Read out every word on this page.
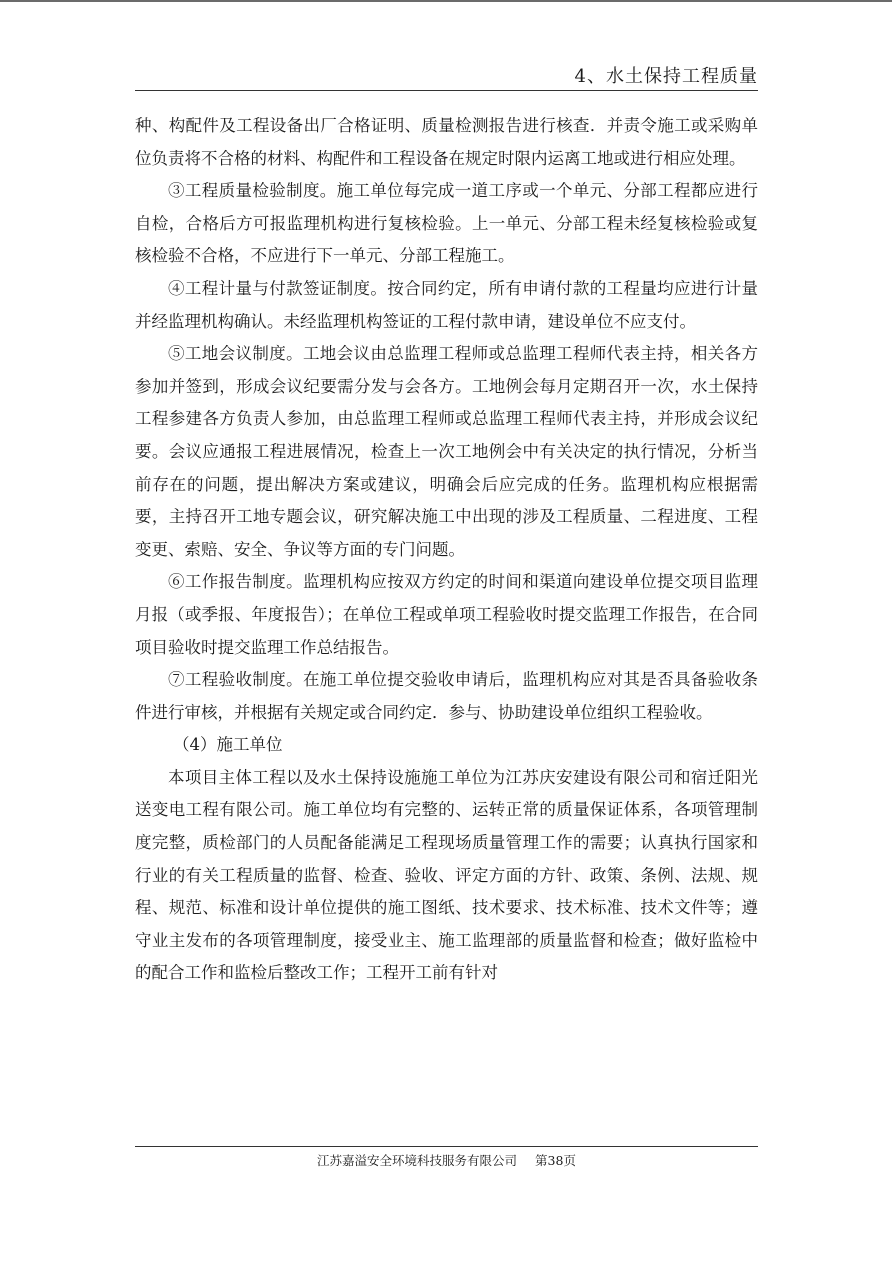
4、水土保持工程质量

种、构配件及工程设备出厂合格证明、质量检测报告进行核查．并责令施工或采购单位负责将不合格的材料、构配件和工程设备在规定时限内运离工地或进行相应处理。

③工程质量检验制度。施工单位每完成一道工序或一个单元、分部工程都应进行自检，合格后方可报监理机构进行复核检验。上一单元、分部工程未经复核检验或复核检验不合格，不应进行下一单元、分部工程施工。

④工程计量与付款签证制度。按合同约定，所有申请付款的工程量均应进行计量并经监理机构确认。未经监理机构签证的工程付款申请，建设单位不应支付。

⑤工地会议制度。工地会议由总监理工程师或总监理工程师代表主持，相关各方参加并签到，形成会议纪要需分发与会各方。工地例会每月定期召开一次，水土保持工程参建各方负责人参加，由总监理工程师或总监理工程师代表主持，并形成会议纪要。会议应通报工程进展情况，检查上一次工地例会中有关决定的执行情况，分析当前存在的问题，提出解决方案或建议，明确会后应完成的任务。监理机构应根据需要，主持召开工地专题会议，研究解决施工中出现的涉及工程质量、二程进度、工程变更、索赔、安全、争议等方面的专门问题。

⑥工作报告制度。监理机构应按双方约定的时间和渠道向建设单位提交项目监理月报（或季报、年度报告）；在单位工程或单项工程验收时提交监理工作报告，在合同项目验收时提交监理工作总结报告。

⑦工程验收制度。在施工单位提交验收申请后，监理机构应对其是否具备验收条件进行审核，并根据有关规定或合同约定．参与、协助建设单位组织工程验收。

（4）施工单位

本项目主体工程以及水土保持设施施工单位为江苏庆安建设有限公司和宿迁阳光送变电工程有限公司。施工单位均有完整的、运转正常的质量保证体系，各项管理制度完整，质检部门的人员配备能满足工程现场质量管理工作的需要；认真执行国家和行业的有关工程质量的监督、检查、验收、评定方面的方针、政策、条例、法规、规程、规范、标准和设计单位提供的施工图纸、技术要求、技术标准、技术文件等；遵守业主发布的各项管理制度，接受业主、施工监理部的质量监督和检查；做好监检中的配合工作和监检后整改工作；工程开工前有针对

江苏嘉溢安全环境科技服务有限公司 第38页
